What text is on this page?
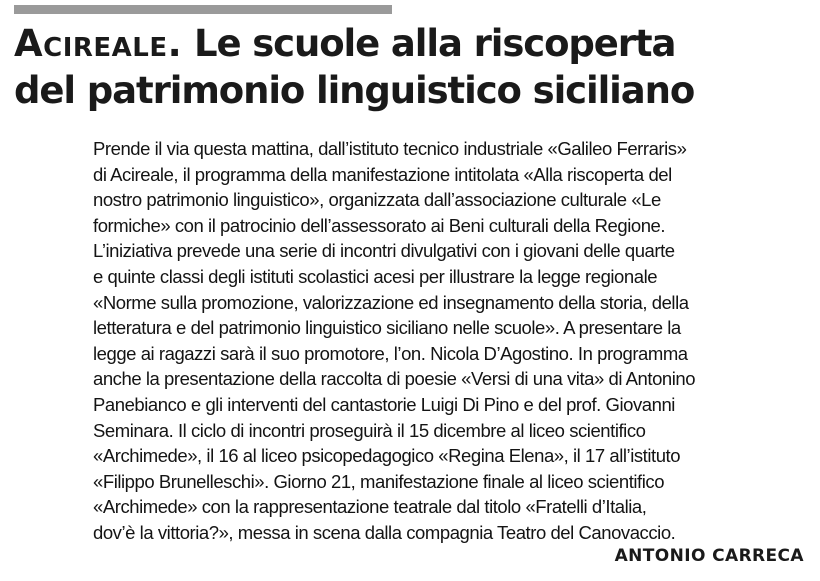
Acireale. Le scuole alla riscoperta
del patrimonio linguistico siciliano

Prende il via questa mattina, dall’istituto tecnico industriale «Galileo Ferraris»
di Acireale, il programma della manifestazione intitolata «Alla riscoperta del
nostro patrimonio linguistico», organizzata dall’associazione culturale «Le
formiche» con il patrocinio dell’assessorato ai Beni culturali della Regione.
L’iniziativa prevede una serie di incontri divulgativi con i giovani delle quarte
e quinte classi degli istituti scolastici acesi per illustrare la legge regionale
«Norme sulla promozione, valorizzazione ed insegnamento della storia, della
letteratura e del patrimonio linguistico siciliano nelle scuole». A presentare la
legge ai ragazzi sarà il suo promotore, l’on. Nicola D’Agostino. In programma
anche la presentazione della raccolta di poesie «Versi di una vita» di Antonino
Panebianco e gli interventi del cantastorie Luigi Di Pino e del prof. Giovanni
Seminara. Il ciclo di incontri proseguirà il 15 dicembre al liceo scientifico
«Archimede», il 16 al liceo psicopedagogico «Regina Elena», il 17 all’istituto
«Filippo Brunelleschi». Giorno 21, manifestazione finale al liceo scientifico
«Archimede» con la rappresentazione teatrale dal titolo «Fratelli d’Italia,
dov’è la vittoria?», messa in scena dalla compagnia Teatro del Canovaccio.

ANTONIO CARRECA
